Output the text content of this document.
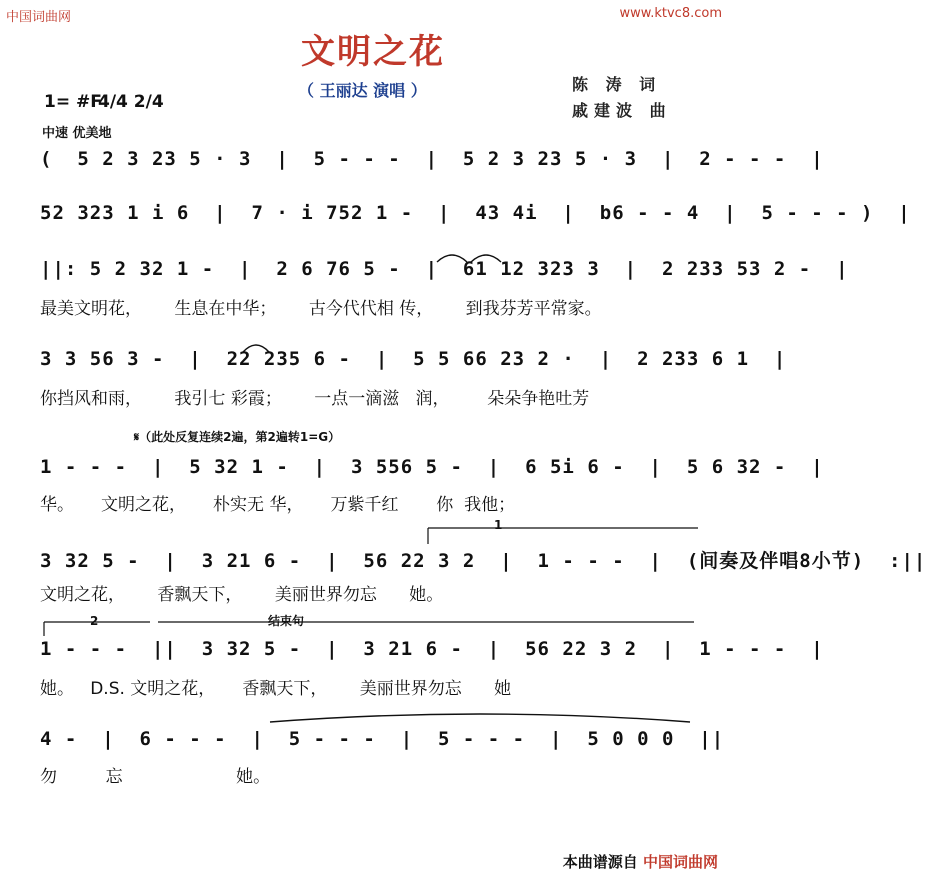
中国词曲网	www.ktvc8.com
文明之花
（ 王丽达 演唱 ）	陈 涛 词
戚建波 曲
1= #F
4/4 2/4
中速 优美地
(  5 2 3 23 5 · 3  |  5 - - -  |  5 2 3 23 5 · 3  |  2 - - -  |
52 323 1 i 6  |  7 · i 752 1 -  |  43 4i  |  b6 - - 4  |  5 - - - )  |
||: 5 2 32 1 -  |  2 6 76 5 -  |  61 12 323 3  |  2 233 53 2 -  |
最美文明花，      生息在中华；      古今代代相 传，      到我芬芳平常家。
3 3 56 3 -  |  22 235 6 -  |  5 5 66 23 2 ·  |  2 233 6 1  |
你挡风和雨，      我引七 彩霞；      一点一滴滋   润，       朵朵争艳吐芳
𝄋（此处反复连续2遍，第2遍转1=G）
1 - - -  |  5 32 1 -  |  3 556 5 -  |  6 5i 6 -  |  5 6 32 -  |
华。     文明之花，     朴实无 华，     万紫千红       你  我他；
1
3 32 5 -  |  3 21 6 -  |  56 22 3 2  |  1 - - -  |  (间奏及伴唱8小节)  :||
文明之花，      香飘天下，      美丽世界勿忘      她。
2	结束句
1 - - -  ||  3 32 5 -  |  3 21 6 -  |  56 22 3 2  |  1 - - -  |
她。   D.S. 文明之花，     香飘天下，      美丽世界勿忘      她
4 -  |  6 - - -  |  5 - - -  |  5 - - -  |  5 0 0 0  ||
勿         忘                     她。
本曲谱源自 中国词曲网
